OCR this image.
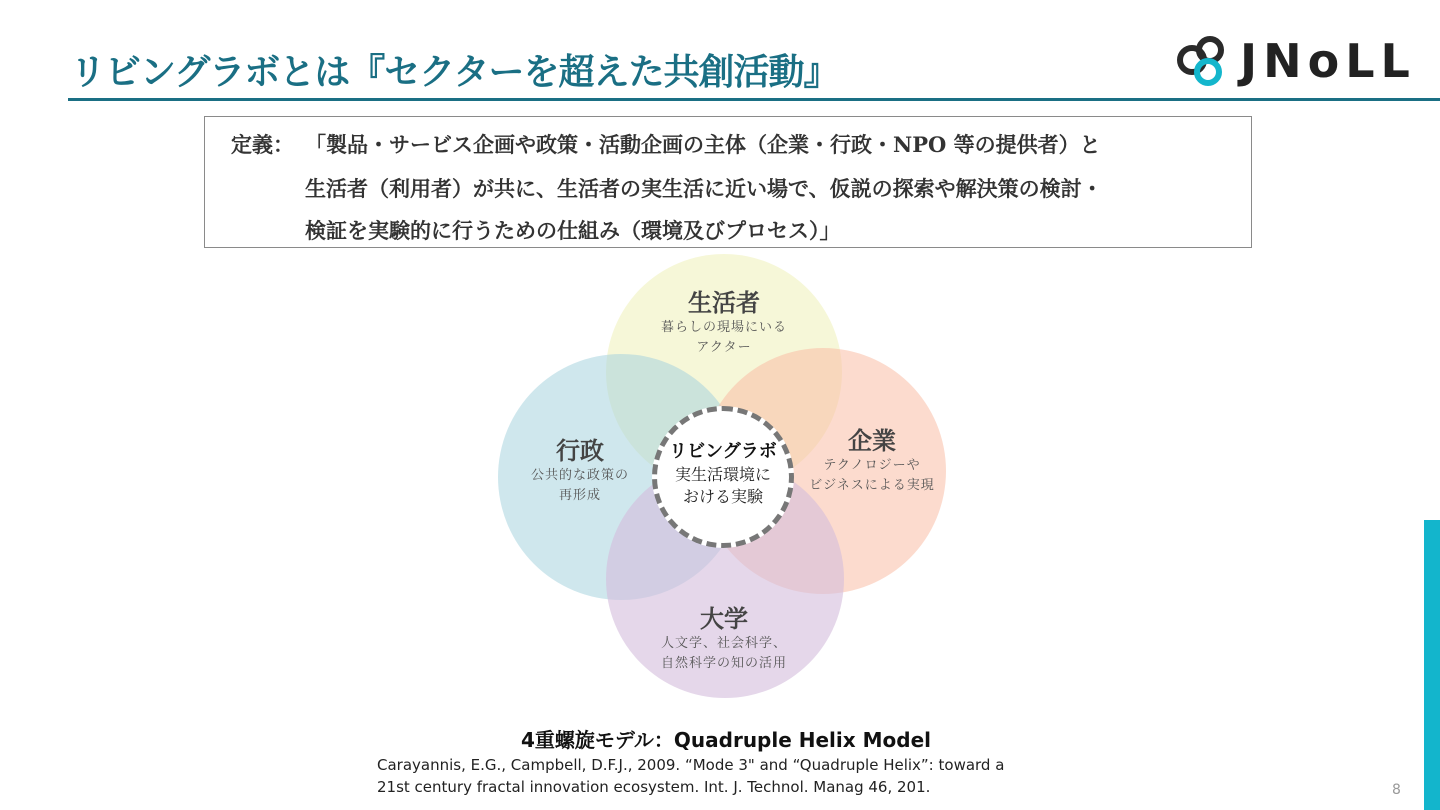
リビングラボとは『セクターを超えた共創活動』	JNoLL
定義： 「製品・サービス企画や政策・活動企画の主体（企業・行政・NPO 等の提供者）と
生活者（利用者）が共に、生活者の実生活に近い場で、仮説の探索や解決策の検討・
検証を実験的に行うための仕組み（環境及びプロセス）」
生活者
暮らしの現場にいる
アクター
行政
公共的な政策の
再形成
企業
テクノロジーや
ビジネスによる実現
大学
人文学、社会科学、
自然科学の知の活用
リビングラボ
実生活環境に
おける実験
4重螺旋モデル：Quadruple Helix Model
Carayannis, E.G., Campbell, D.F.J., 2009. “Mode 3" and “Quadruple Helix”: toward a
21st century fractal innovation ecosystem. Int. J. Technol. Manag 46, 201.	8
